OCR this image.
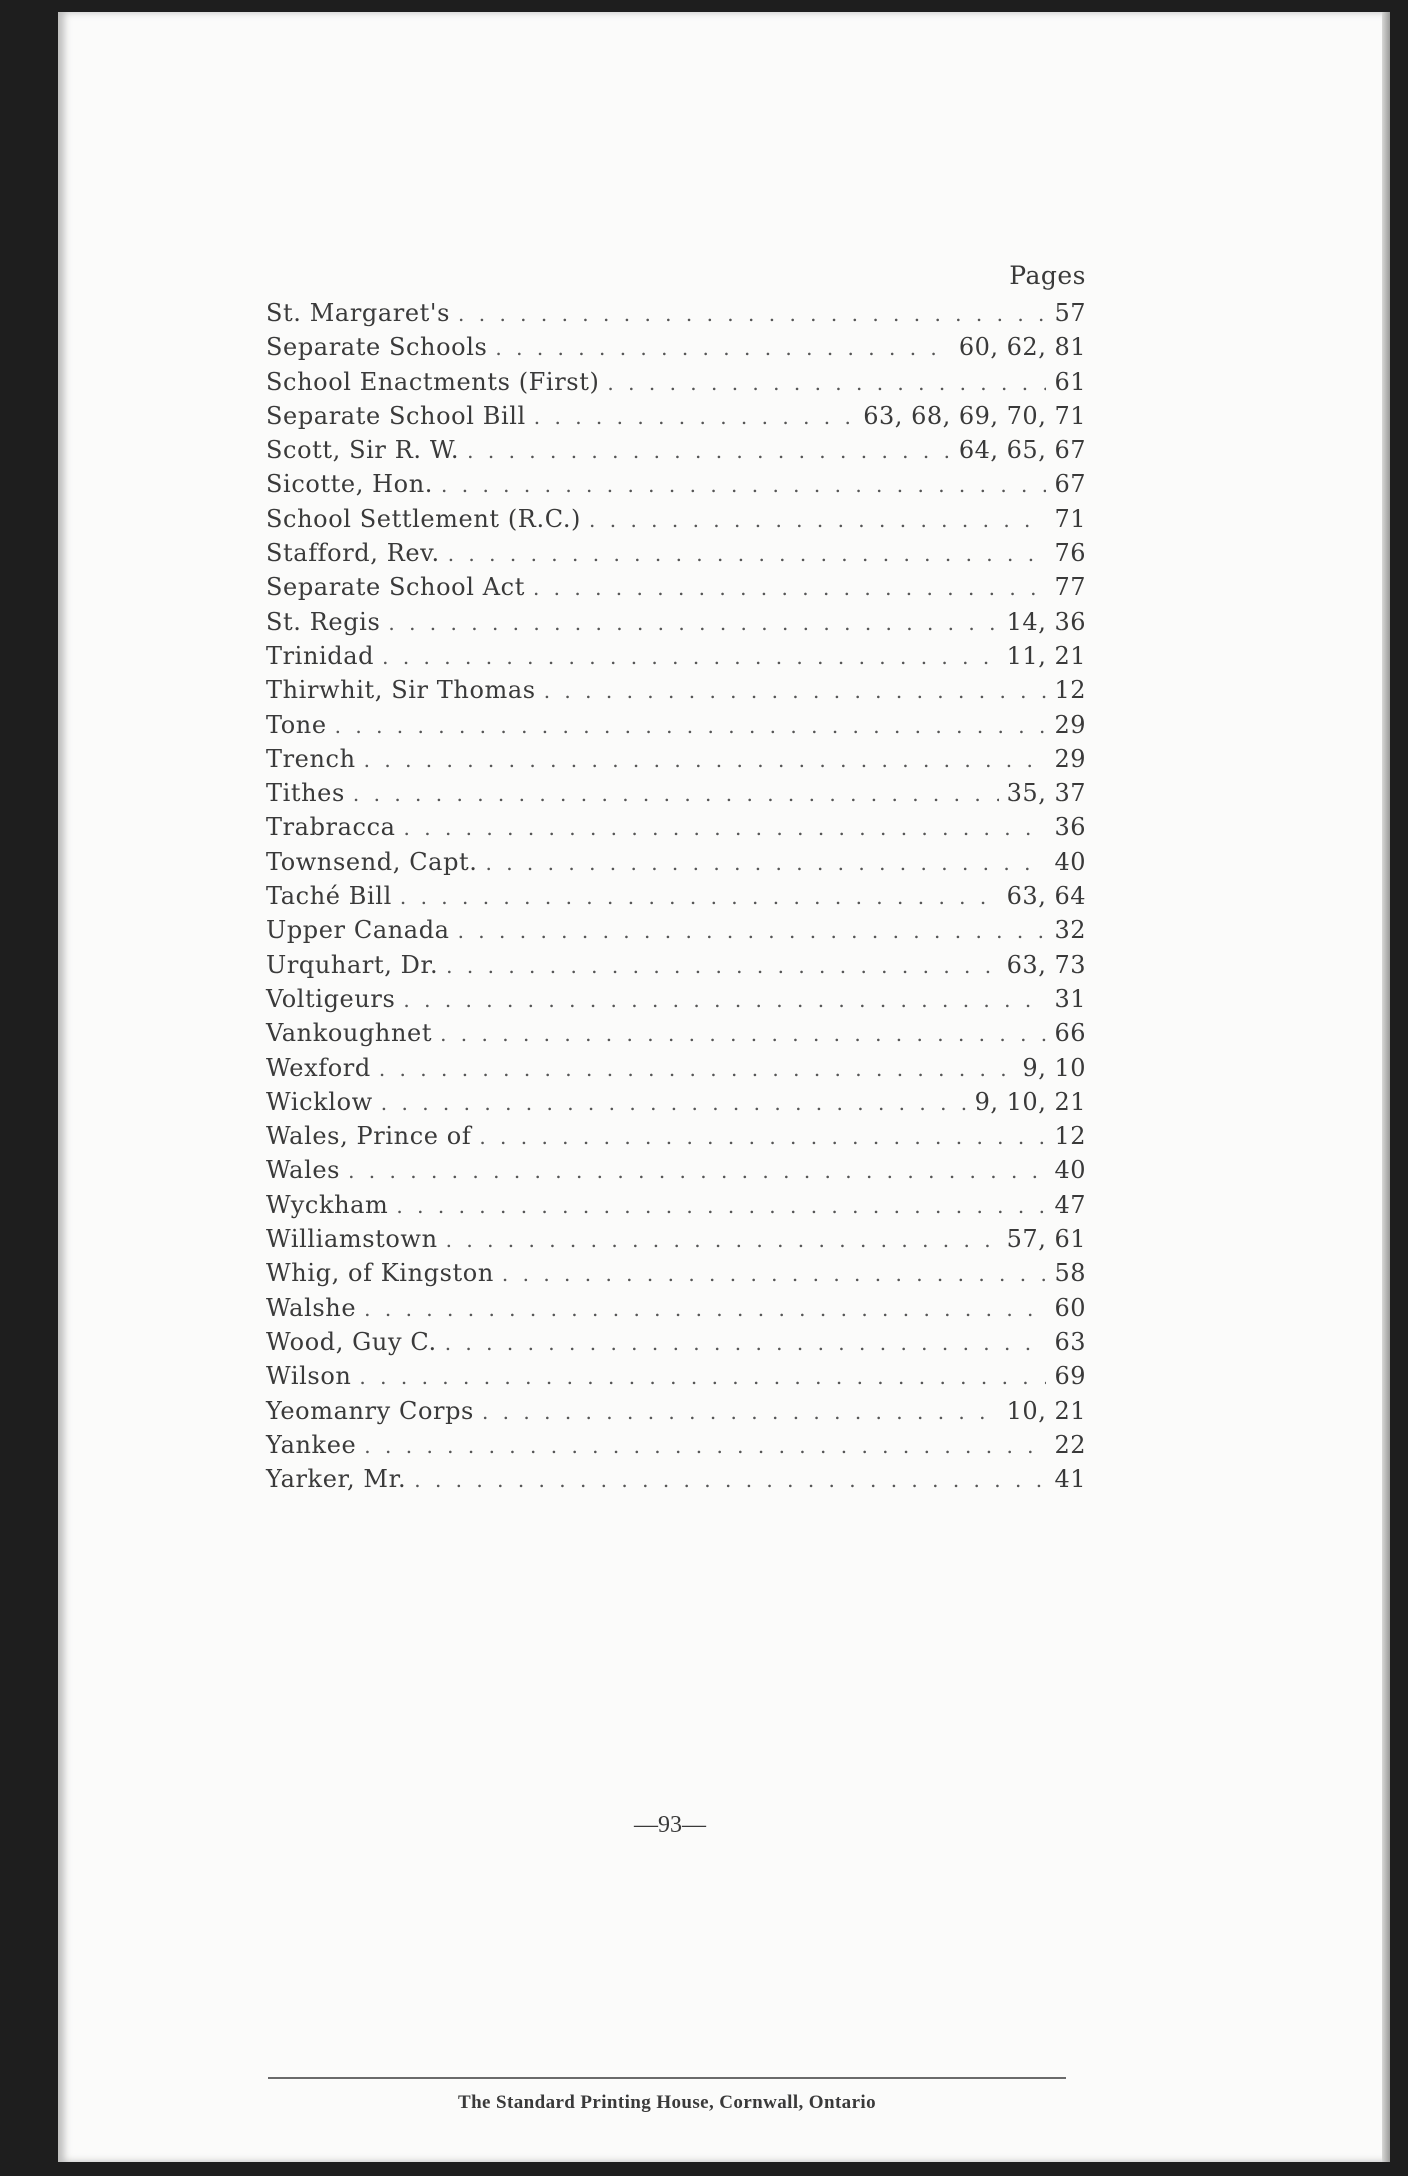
Pages
St. Margaret's . . .	57
Separate Schools . . .	60, 62, 81
School Enactments (First) . . .	61
Separate School Bill . . .	63, 68, 69, 70, 71
Scott, Sir R. W. . . .	64, 65, 67
Sicotte, Hon. . . .	67
School Settlement (R.C.) . . .	71
Stafford, Rev. . . .	76
Separate School Act . . .	77
St. Regis . . .	14, 36
Trinidad . . .	11, 21
Thirwhit, Sir Thomas . . .	12
Tone . . .	29
Trench . . .	29
Tithes . . .	35, 37
Trabracca . . .	36
Townsend, Capt. . . .	40
Taché Bill . . .	63, 64
Upper Canada . . .	32
Urquhart, Dr. . . .	63, 73
Voltigeurs . . .	31
Vankoughnet . . .	66
Wexford . . .	9, 10
Wicklow . . .	9, 10, 21
Wales, Prince of . . .	12
Wales . . .	40
Wyckham . . .	47
Williamstown . . .	57, 61
Whig, of Kingston . . .	58
Walshe . . .	60
Wood, Guy C. . . .	63
Wilson . . .	69
Yeomanry Corps . . .	10, 21
Yankee . . .	22
Yarker, Mr. . . .	41
—93—
The Standard Printing House, Cornwall, Ontario
